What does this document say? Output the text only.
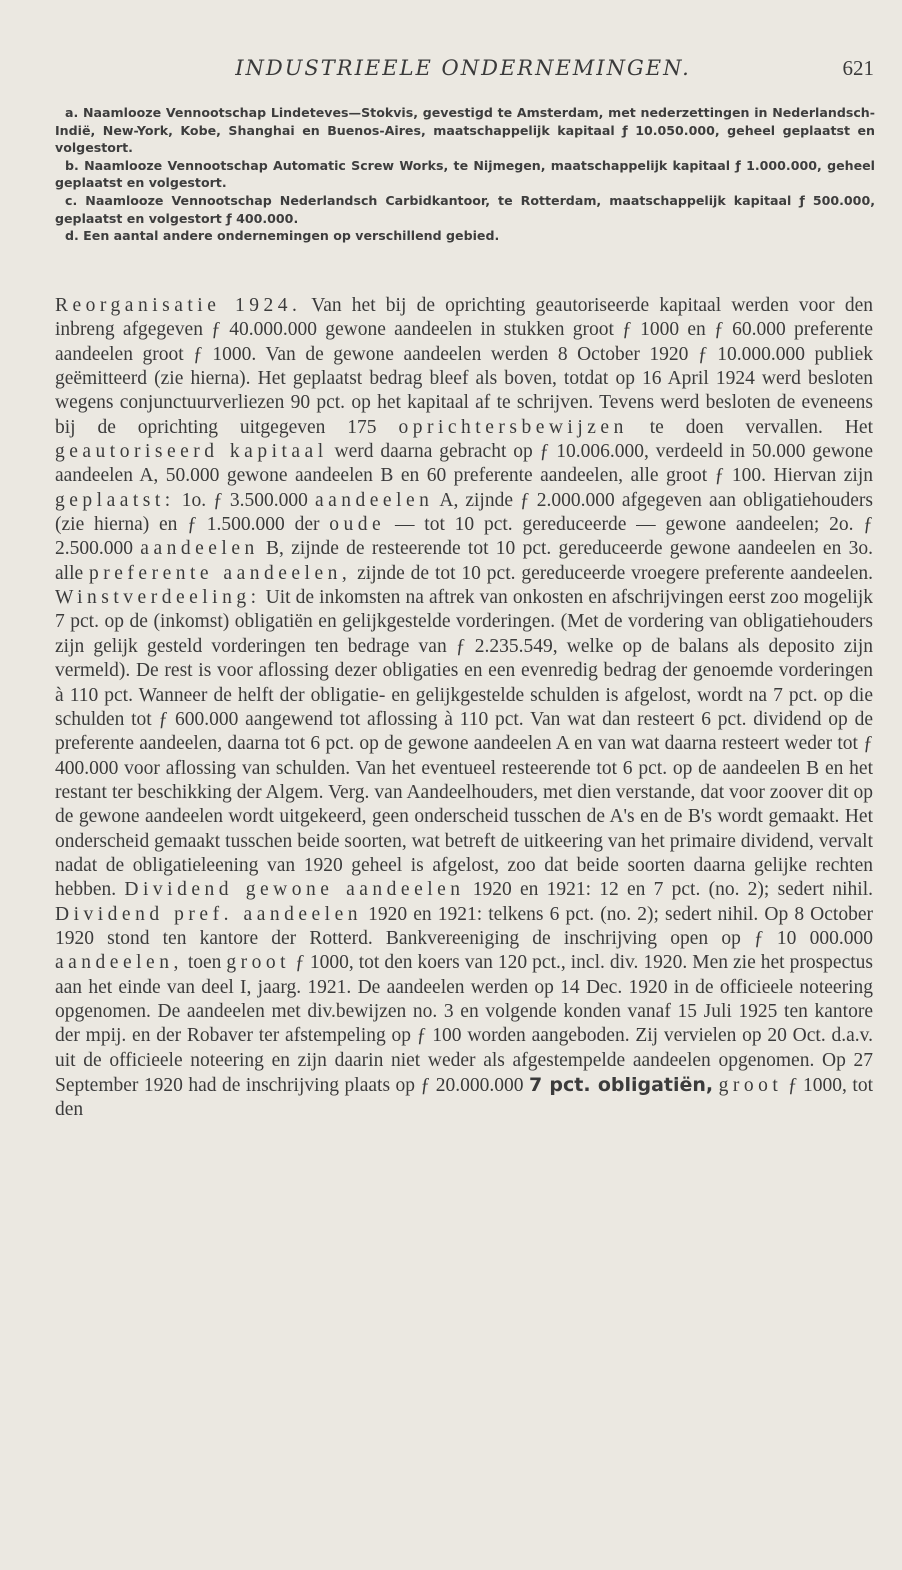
INDUSTRIEELE ONDERNEMINGEN.	621

a. Naamlooze Vennootschap Lindeteves—Stokvis, gevestigd te Amsterdam, met nederzettingen in Nederlandsch-Indië, New-York, Kobe, Shanghai en Buenos-Aires, maatschappelijk kapitaal ƒ 10.050.000, geheel geplaatst en volgestort.

b. Naamlooze Vennootschap Automatic Screw Works, te Nijmegen, maatschappelijk kapitaal ƒ 1.000.000, geheel geplaatst en volgestort.

c. Naamlooze Vennootschap Nederlandsch Carbidkantoor, te Rotterdam, maatschappelijk kapitaal ƒ 500.000, geplaatst en volgestort ƒ 400.000.

d. Een aantal andere ondernemingen op verschillend gebied.

Reorganisatie 1924. Van het bij de oprichting geautoriseerde kapitaal werden voor den inbreng afgegeven ƒ 40.000.000 gewone aandeelen in stukken groot ƒ 1000 en ƒ 60.000 preferente aandeelen groot ƒ 1000. Van de gewone aandeelen werden 8 October 1920 ƒ 10.000.000 publiek geëmitteerd (zie hierna). Het geplaatst bedrag bleef als boven, totdat op 16 April 1924 werd besloten wegens conjunctuurverliezen 90 pct. op het kapitaal af te schrijven. Tevens werd besloten de eveneens bij de oprichting uitgegeven 175 oprichtersbewijzen te doen vervallen. Het geautoriseerd kapitaal werd daarna gebracht op ƒ 10.006.000, verdeeld in 50.000 gewone aandeelen A, 50.000 gewone aandeelen B en 60 preferente aandeelen, alle groot ƒ 100. Hiervan zijn geplaatst: 1o. ƒ 3.500.000 aandeelen A, zijnde ƒ 2.000.000 afgegeven aan obligatiehouders (zie hierna) en ƒ 1.500.000 der oude — tot 10 pct. gereduceerde — gewone aandeelen; 2o. ƒ 2.500.000 aandeelen B, zijnde de resteerende tot 10 pct. gereduceerde gewone aandeelen en 3o. alle preferente aandeelen, zijnde de tot 10 pct. gereduceerde vroegere preferente aandeelen. Winstverdeeling: Uit de inkomsten na aftrek van onkosten en afschrijvingen eerst zoo mogelijk 7 pct. op de (inkomst) obligatiën en gelijkgestelde vorderingen. (Met de vordering van obligatiehouders zijn gelijk gesteld vorderingen ten bedrage van ƒ 2.235.549, welke op de balans als deposito zijn vermeld). De rest is voor aflossing dezer obligaties en een evenredig bedrag der genoemde vorderingen à 110 pct. Wanneer de helft der obligatie- en gelijkgestelde schulden is afgelost, wordt na 7 pct. op die schulden tot ƒ 600.000 aangewend tot aflossing à 110 pct. Van wat dan resteert 6 pct. dividend op de preferente aandeelen, daarna tot 6 pct. op de gewone aandeelen A en van wat daarna resteert weder tot ƒ 400.000 voor aflossing van schulden. Van het eventueel resteerende tot 6 pct. op de aandeelen B en het restant ter beschikking der Algem. Verg. van Aandeelhouders, met dien verstande, dat voor zoover dit op de gewone aandeelen wordt uitgekeerd, geen onderscheid tusschen de A's en de B's wordt gemaakt. Het onderscheid gemaakt tusschen beide soorten, wat betreft de uitkeering van het primaire dividend, vervalt nadat de obligatieleening van 1920 geheel is afgelost, zoo dat beide soorten daarna gelijke rechten hebben. Dividend gewone aandeelen 1920 en 1921: 12 en 7 pct. (no. 2); sedert nihil. Dividend pref. aandeelen 1920 en 1921: telkens 6 pct. (no. 2); sedert nihil. Op 8 October 1920 stond ten kantore der Rotterd. Bankvereeniging de inschrijving open op ƒ 10 000.000 aandeelen, toen groot ƒ 1000, tot den koers van 120 pct., incl. div. 1920. Men zie het prospectus aan het einde van deel I, jaarg. 1921. De aandeelen werden op 14 Dec. 1920 in de officieele noteering opgenomen. De aandeelen met div.bewijzen no. 3 en volgende konden vanaf 15 Juli 1925 ten kantore der mpij. en der Robaver ter afstempeling op ƒ 100 worden aangeboden. Zij vervielen op 20 Oct. d.a.v. uit de officieele noteering en zijn daarin niet weder als afgestempelde aandeelen opgenomen. Op 27 September 1920 had de inschrijving plaats op ƒ 20.000.000 7 pct. obligatiën, groot ƒ 1000, tot den
